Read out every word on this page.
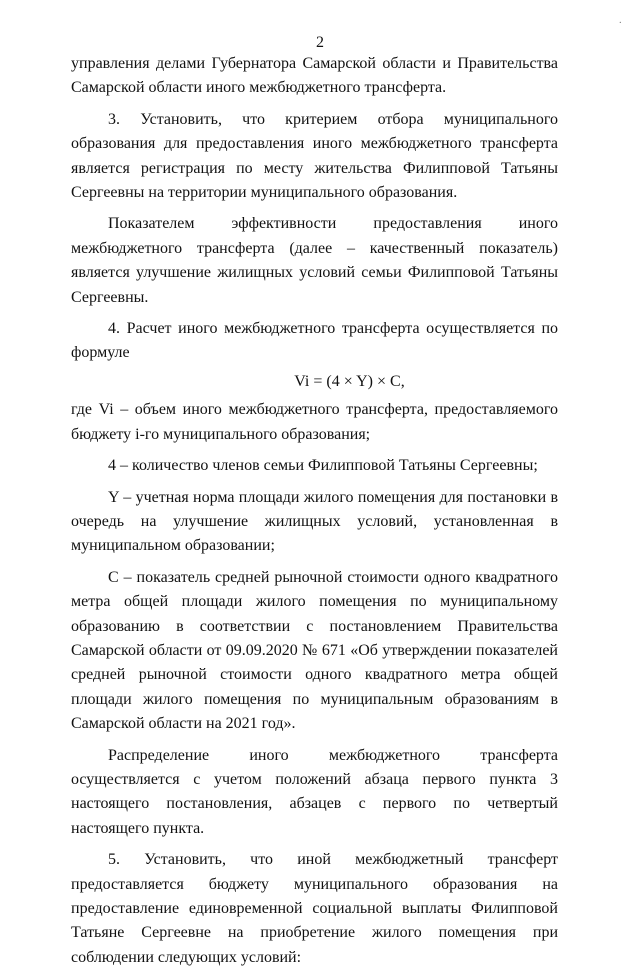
·
2

управления делами Губернатора Самарской области и Правительства Самарской области иного межбюджетного трансферта.

3. Установить, что критерием отбора муниципального образования для предоставления иного межбюджетного трансферта является регистрация по месту жительства Филипповой Татьяны Сергеевны на территории муниципального образования.

Показателем эффективности предоставления иного межбюджетного трансферта (далее – качественный показатель) является улучшение жилищных условий семьи Филипповой Татьяны Сергеевны.

4. Расчет иного межбюджетного трансферта осуществляется по формуле

Vi = (4 × Y) × C,

где Vi – объем иного межбюджетного трансферта, предоставляемого бюджету i-го муниципального образования;

4 – количество членов семьи Филипповой Татьяны Сергеевны;

Y – учетная норма площади жилого помещения для постановки в очередь на улучшение жилищных условий, установленная в муниципальном образовании;

C – показатель средней рыночной стоимости одного квадратного метра общей площади жилого помещения по муниципальному образованию в соответствии с постановлением Правительства Самарской области от 09.09.2020 № 671 «Об утверждении показателей средней рыночной стоимости одного квадратного метра общей площади жилого помещения по муниципальным образованиям в Самарской области на 2021 год».

Распределение иного межбюджетного трансферта осуществляется с учетом положений абзаца первого пункта 3 настоящего постановления, абзацев с первого по четвертый настоящего пункта.

5. Установить, что иной межбюджетный трансферт предоставляется бюджету муниципального образования на предоставление единовременной социальной выплаты Филипповой Татьяне Сергеевне на приобретение жилого помещения при соблюдении следующих условий:
